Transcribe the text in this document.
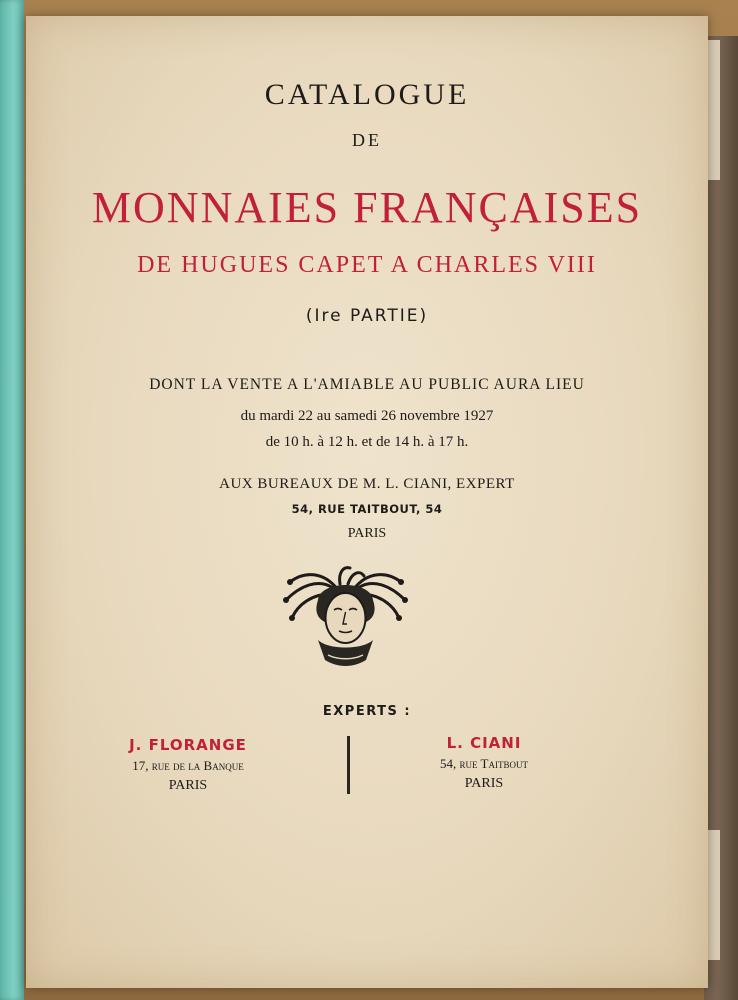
CATALOGUE
DE
MONNAIES FRANÇAISES
DE HUGUES CAPET A CHARLES VIII
(Ire PARTIE)
DONT LA VENTE A L'AMIABLE AU PUBLIC AURA LIEU
du mardi 22 au samedi 26 novembre 1927
de 10 h. à 12 h. et de 14 h. à 17 h.
AUX BUREAUX DE M. L. CIANI, EXPERT
54, RUE TAITBOUT, 54
PARIS
EXPERTS :
J. FLORANGE
17, rue de la Banque
PARIS
L. CIANI
54, rue Taitbout
PARIS
